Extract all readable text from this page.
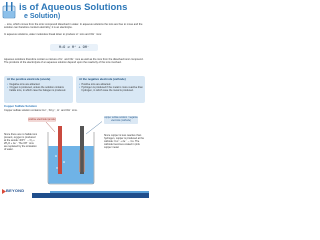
is of Aqueous Solutions
e Solution)

... ions, which comes from the ionic compound dissolved in water. In aqueous solutions the ions are free to move and the solution can therefore conduct electricity; it is an electrolyte.

In aqueous solutions, water molecules break down to produce H⁺ ions and OH⁻ ions:

H₂O ⇌ H⁺ + OH⁻

Aqueous solutions therefore contain a mixture of H⁺ and OH⁻ ions as well as the ions from the dissolved ionic compound.
The products of the electrolysis of an aqueous solution depend upon the reactivity of the ions involved.

At the positive electrode (anode)
• Negative ions are attracted.
• Oxygen is produced, unless the solution contains halide ions, in which case the halogen is produced.
At the negative electrode (cathode)
• Positive ions are attracted.
• Hydrogen is produced if the metal is more reactive than hydrogen, in which case the metal is produced.
Copper Sulfate Solution
Copper sulfate solution contains Cu²⁺, SO₄²⁻, H⁺ and OH⁻ ions.
positive electrode (anode)	copper sulfate solution / negative electrode (cathode)
Since there are no halide ions present, oxygen is produced at the anode: 4OH⁻ → O₂ + 2H₂O + 4e⁻. The OH⁻ ions are replaced by the ionisation of water.
Since copper is less reactive than hydrogen, copper is produced at the cathode: Cu²⁺ + 2e⁻ → Cu. The cathode becomes coated in pink copper metal.
BEYOND
